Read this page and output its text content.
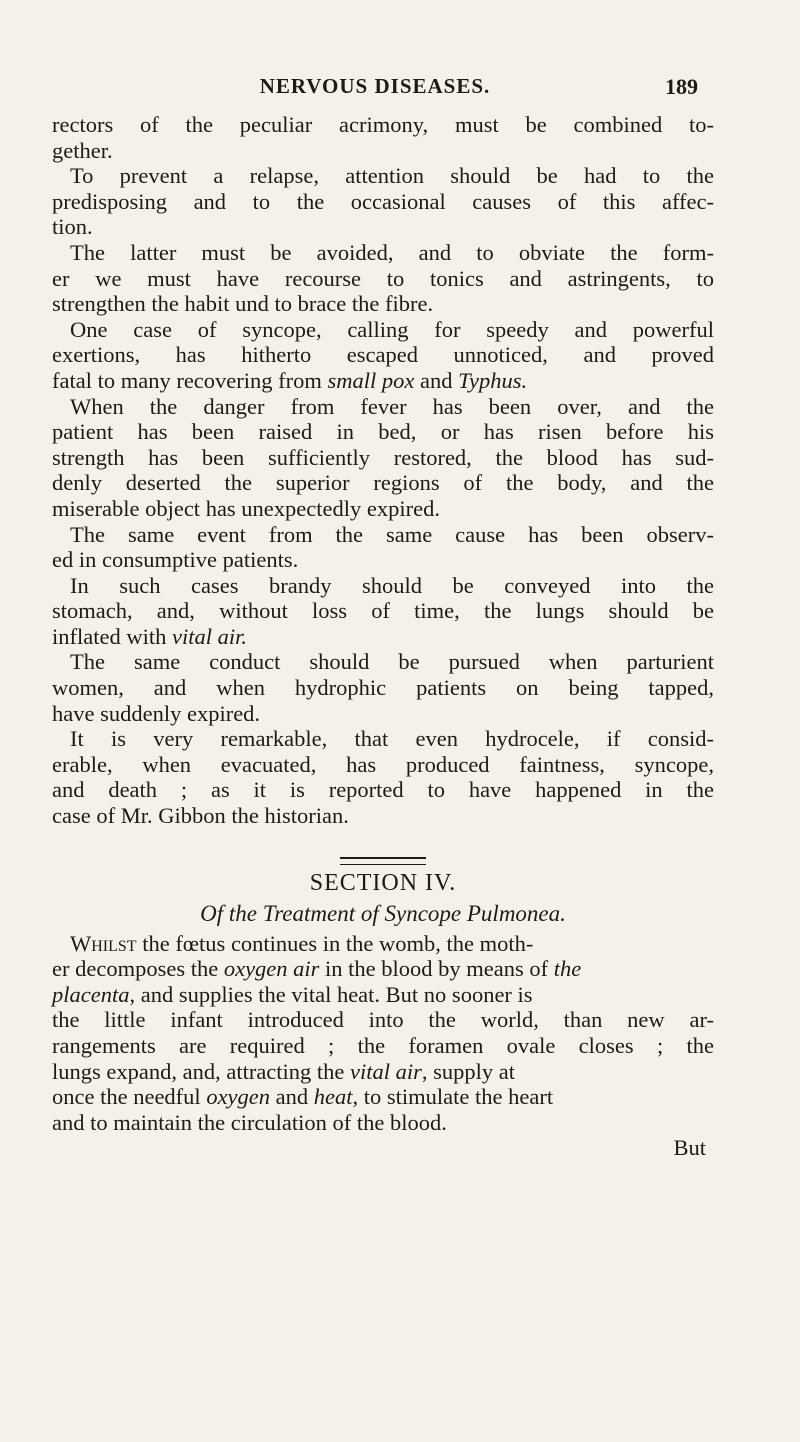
NERVOUS DISEASES.	189
rectors of the peculiar acrimony, must be combined to-
gether.
To prevent a relapse, attention should be had to the
predisposing and to the occasional causes of this affec-
tion.
The latter must be avoided, and to obviate the form-
er we must have recourse to tonics and astringents, to
strengthen the habit und to brace the fibre.
One case of syncope, calling for speedy and powerful
exertions, has hitherto escaped unnoticed, and proved
fatal to many recovering from small pox and Typhus.
When the danger from fever has been over, and the
patient has been raised in bed, or has risen before his
strength has been sufficiently restored, the blood has sud-
denly deserted the superior regions of the body, and the
miserable object has unexpectedly expired.
The same event from the same cause has been observ-
ed in consumptive patients.
In such cases brandy should be conveyed into the
stomach, and, without loss of time, the lungs should be
inflated with vital air.
The same conduct should be pursued when parturient
women, and when hydrophic patients on being tapped,
have suddenly expired.
It is very remarkable, that even hydrocele, if consid-
erable, when evacuated, has produced faintness, syncope,
and death ; as it is reported to have happened in the
case of Mr. Gibbon the historian.
SECTION IV.
Of the Treatment of Syncope Pulmonea.
Whilst the fœtus continues in the womb, the moth-
er decomposes the oxygen air in the blood by means of the
placenta , and supplies the vital heat. But no sooner is
the little infant introduced into the world, than new ar-
rangements are required ; the foramen ovale closes ; the
lungs expand, and, attracting the vital air , supply at
once the needful oxygen and heat , to stimulate the heart
and to maintain the circulation of the blood.
But
